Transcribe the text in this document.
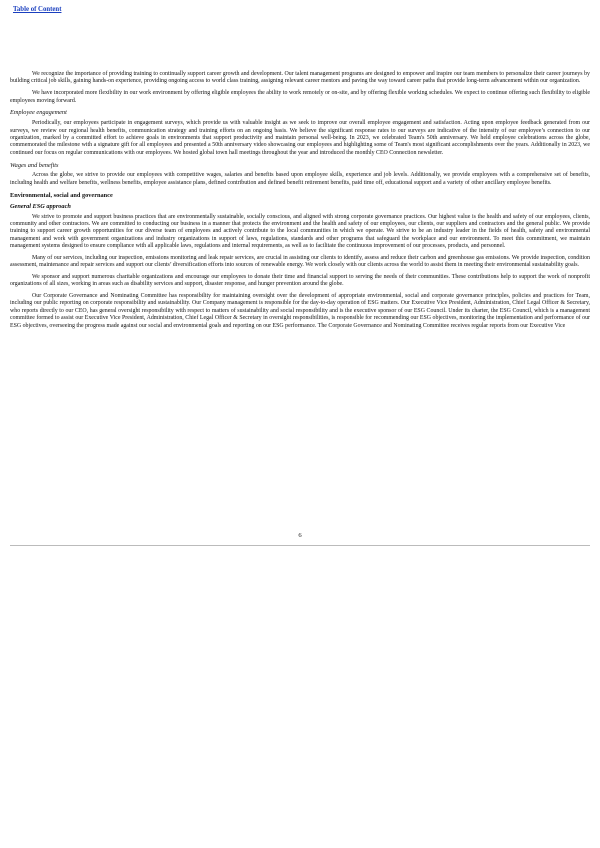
Table of Content

We recognize the importance of providing training to continually support career growth and development. Our talent management programs are designed to empower and inspire our team members to personalize their career journeys by building critical job skills, gaining hands-on experience, providing ongoing access to world class training, assigning relevant career mentors and paving the way toward career paths that provide long-term advancement within our organization.

We have incorporated more flexibility in our work environment by offering eligible employees the ability to work remotely or on-site, and by offering flexible working schedules. We expect to continue offering such flexibility to eligible employees moving forward.

Employee engagement

Periodically, our employees participate in engagement surveys, which provide us with valuable insight as we seek to improve our overall employee engagement and satisfaction. Acting upon employee feedback generated from our surveys, we review our regional health benefits, communication strategy and training efforts on an ongoing basis. We believe the significant response rates to our surveys are indicative of the intensity of our employee’s connection to our organization, marked by a committed effort to achieve goals in environments that support productivity and maintain personal well-being. In 2023, we celebrated Team's 50th anniversary. We held employee celebrations across the globe, commemorated the milestone with a signature gift for all employees and presented a 50th anniversary video showcasing our employees and highlighting some of Team's most significant accomplishments over the years. Additionally in 2023, we continued our focus on regular communications with our employees. We hosted global town hall meetings throughout the year and introduced the monthly CEO Connection newsletter.

Wages and benefits

Across the globe, we strive to provide our employees with competitive wages, salaries and benefits based upon employee skills, experience and job levels. Additionally, we provide employees with a comprehensive set of benefits, including health and welfare benefits, wellness benefits, employee assistance plans, defined contribution and defined benefit retirement benefits, paid time off, educational support and a variety of other ancillary employee benefits.

Environmental, social and governance
General ESG approach

We strive to promote and support business practices that are environmentally sustainable, socially conscious, and aligned with strong corporate governance practices. Our highest value is the health and safety of our employees, clients, community and other contractors. We are committed to conducting our business in a manner that protects the environment and the health and safety of our employees, our clients, our suppliers and contractors and the general public. We provide training to support career growth opportunities for our diverse team of employees and actively contribute to the local communities in which we operate. We strive to be an industry leader in the fields of health, safety and environmental management and work with government organizations and industry organizations in support of laws, regulations, standards and other programs that safeguard the workplace and our environment. To meet this commitment, we maintain management systems designed to ensure compliance with all applicable laws, regulations and internal requirements, as well as to facilitate the continuous improvement of our processes, products, and personnel.

Many of our services, including our inspection, emissions monitoring and leak repair services, are crucial in assisting our clients to identify, assess and reduce their carbon and greenhouse gas emissions. We provide inspection, condition assessment, maintenance and repair services and support our clients’ diversification efforts into sources of renewable energy. We work closely with our clients across the world to assist them in meeting their environmental sustainability goals.

We sponsor and support numerous charitable organizations and encourage our employees to donate their time and financial support to serving the needs of their communities. These contributions help to support the work of nonprofit organizations of all sizes, working in areas such as disability services and support, disaster response, and hunger prevention around the globe.

Our Corporate Governance and Nominating Committee has responsibility for maintaining oversight over the development of appropriate environmental, social and corporate governance principles, policies and practices for Team, including our public reporting on corporate responsibility and sustainability. Our Company management is responsible for the day-to-day operation of ESG matters. Our Executive Vice President, Administration, Chief Legal Officer & Secretary, who reports directly to our CEO, has general oversight responsibility with respect to matters of sustainability and social responsibility and is the executive sponsor of our ESG Council. Under its charter, the ESG Council, which is a management committee formed to assist our Executive Vice President, Administration, Chief Legal Officer & Secretary in oversight responsibilities, is responsible for recommending our ESG objectives, monitoring the implementation and performance of our ESG objectives, overseeing the progress made against our social and environmental goals and reporting on our ESG performance. The Corporate Governance and Nominating Committee receives regular reports from our Executive Vice

6
